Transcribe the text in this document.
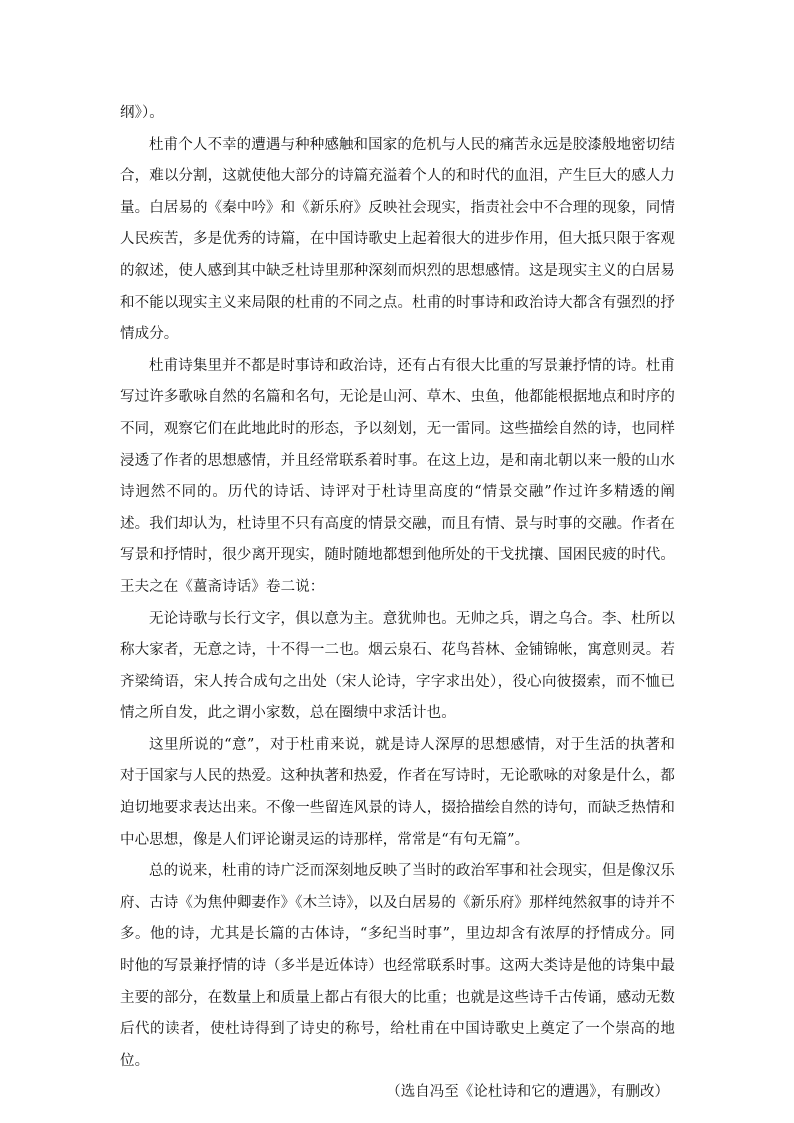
纲》）。

杜甫个人不幸的遭遇与种种感触和国家的危机与人民的痛苦永远是胶漆般地密切结合，难以分割，这就使他大部分的诗篇充溢着个人的和时代的血泪，产生巨大的感人力量。白居易的《秦中吟》和《新乐府》反映社会现实，指责社会中不合理的现象，同情人民疾苦，多是优秀的诗篇，在中国诗歌史上起着很大的进步作用，但大抵只限于客观的叙述，使人感到其中缺乏杜诗里那种深刻而炽烈的思想感情。这是现实主义的白居易和不能以现实主义来局限的杜甫的不同之点。杜甫的时事诗和政治诗大都含有强烈的抒情成分。

杜甫诗集里并不都是时事诗和政治诗，还有占有很大比重的写景兼抒情的诗。杜甫写过许多歌咏自然的名篇和名句，无论是山河、草木、虫鱼，他都能根据地点和时序的不同，观察它们在此地此时的形态，予以刻划，无一雷同。这些描绘自然的诗，也同样浸透了作者的思想感情，并且经常联系着时事。在这上边，是和南北朝以来一般的山水诗迥然不同的。历代的诗话、诗评对于杜诗里高度的“情景交融”作过许多精透的阐述。我们却认为，杜诗里不只有高度的情景交融，而且有情、景与时事的交融。作者在写景和抒情时，很少离开现实，随时随地都想到他所处的干戈扰攘、国困民疲的时代。王夫之在《薑斋诗话》卷二说：

无论诗歌与长行文字，俱以意为主。意犹帅也。无帅之兵，谓之乌合。李、杜所以称大家者，无意之诗，十不得一二也。烟云泉石、花鸟苔林、金铺锦帐，寓意则灵。若齐梁绮语，宋人抟合成句之出处（宋人论诗，字字求出处），役心向彼掇索，而不恤已情之所自发，此之谓小家数，总在圈缋中求活计也。

这里所说的“意”，对于杜甫来说，就是诗人深厚的思想感情，对于生活的执著和对于国家与人民的热爱。这种执著和热爱，作者在写诗时，无论歌咏的对象是什么，都迫切地要求表达出来。不像一些留连风景的诗人，掇拾描绘自然的诗句，而缺乏热情和中心思想，像是人们评论谢灵运的诗那样，常常是“有句无篇”。

总的说来，杜甫的诗广泛而深刻地反映了当时的政治军事和社会现实，但是像汉乐府、古诗《为焦仲卿妻作》《木兰诗》，以及白居易的《新乐府》那样纯然叙事的诗并不多。他的诗，尤其是长篇的古体诗，“多纪当时事”，里边却含有浓厚的抒情成分。同时他的写景兼抒情的诗（多半是近体诗）也经常联系时事。这两大类诗是他的诗集中最主要的部分，在数量上和质量上都占有很大的比重；也就是这些诗千古传诵，感动无数后代的读者，使杜诗得到了诗史的称号，给杜甫在中国诗歌史上奠定了一个崇高的地位。

（选自冯至《论杜诗和它的遭遇》，有删改）
